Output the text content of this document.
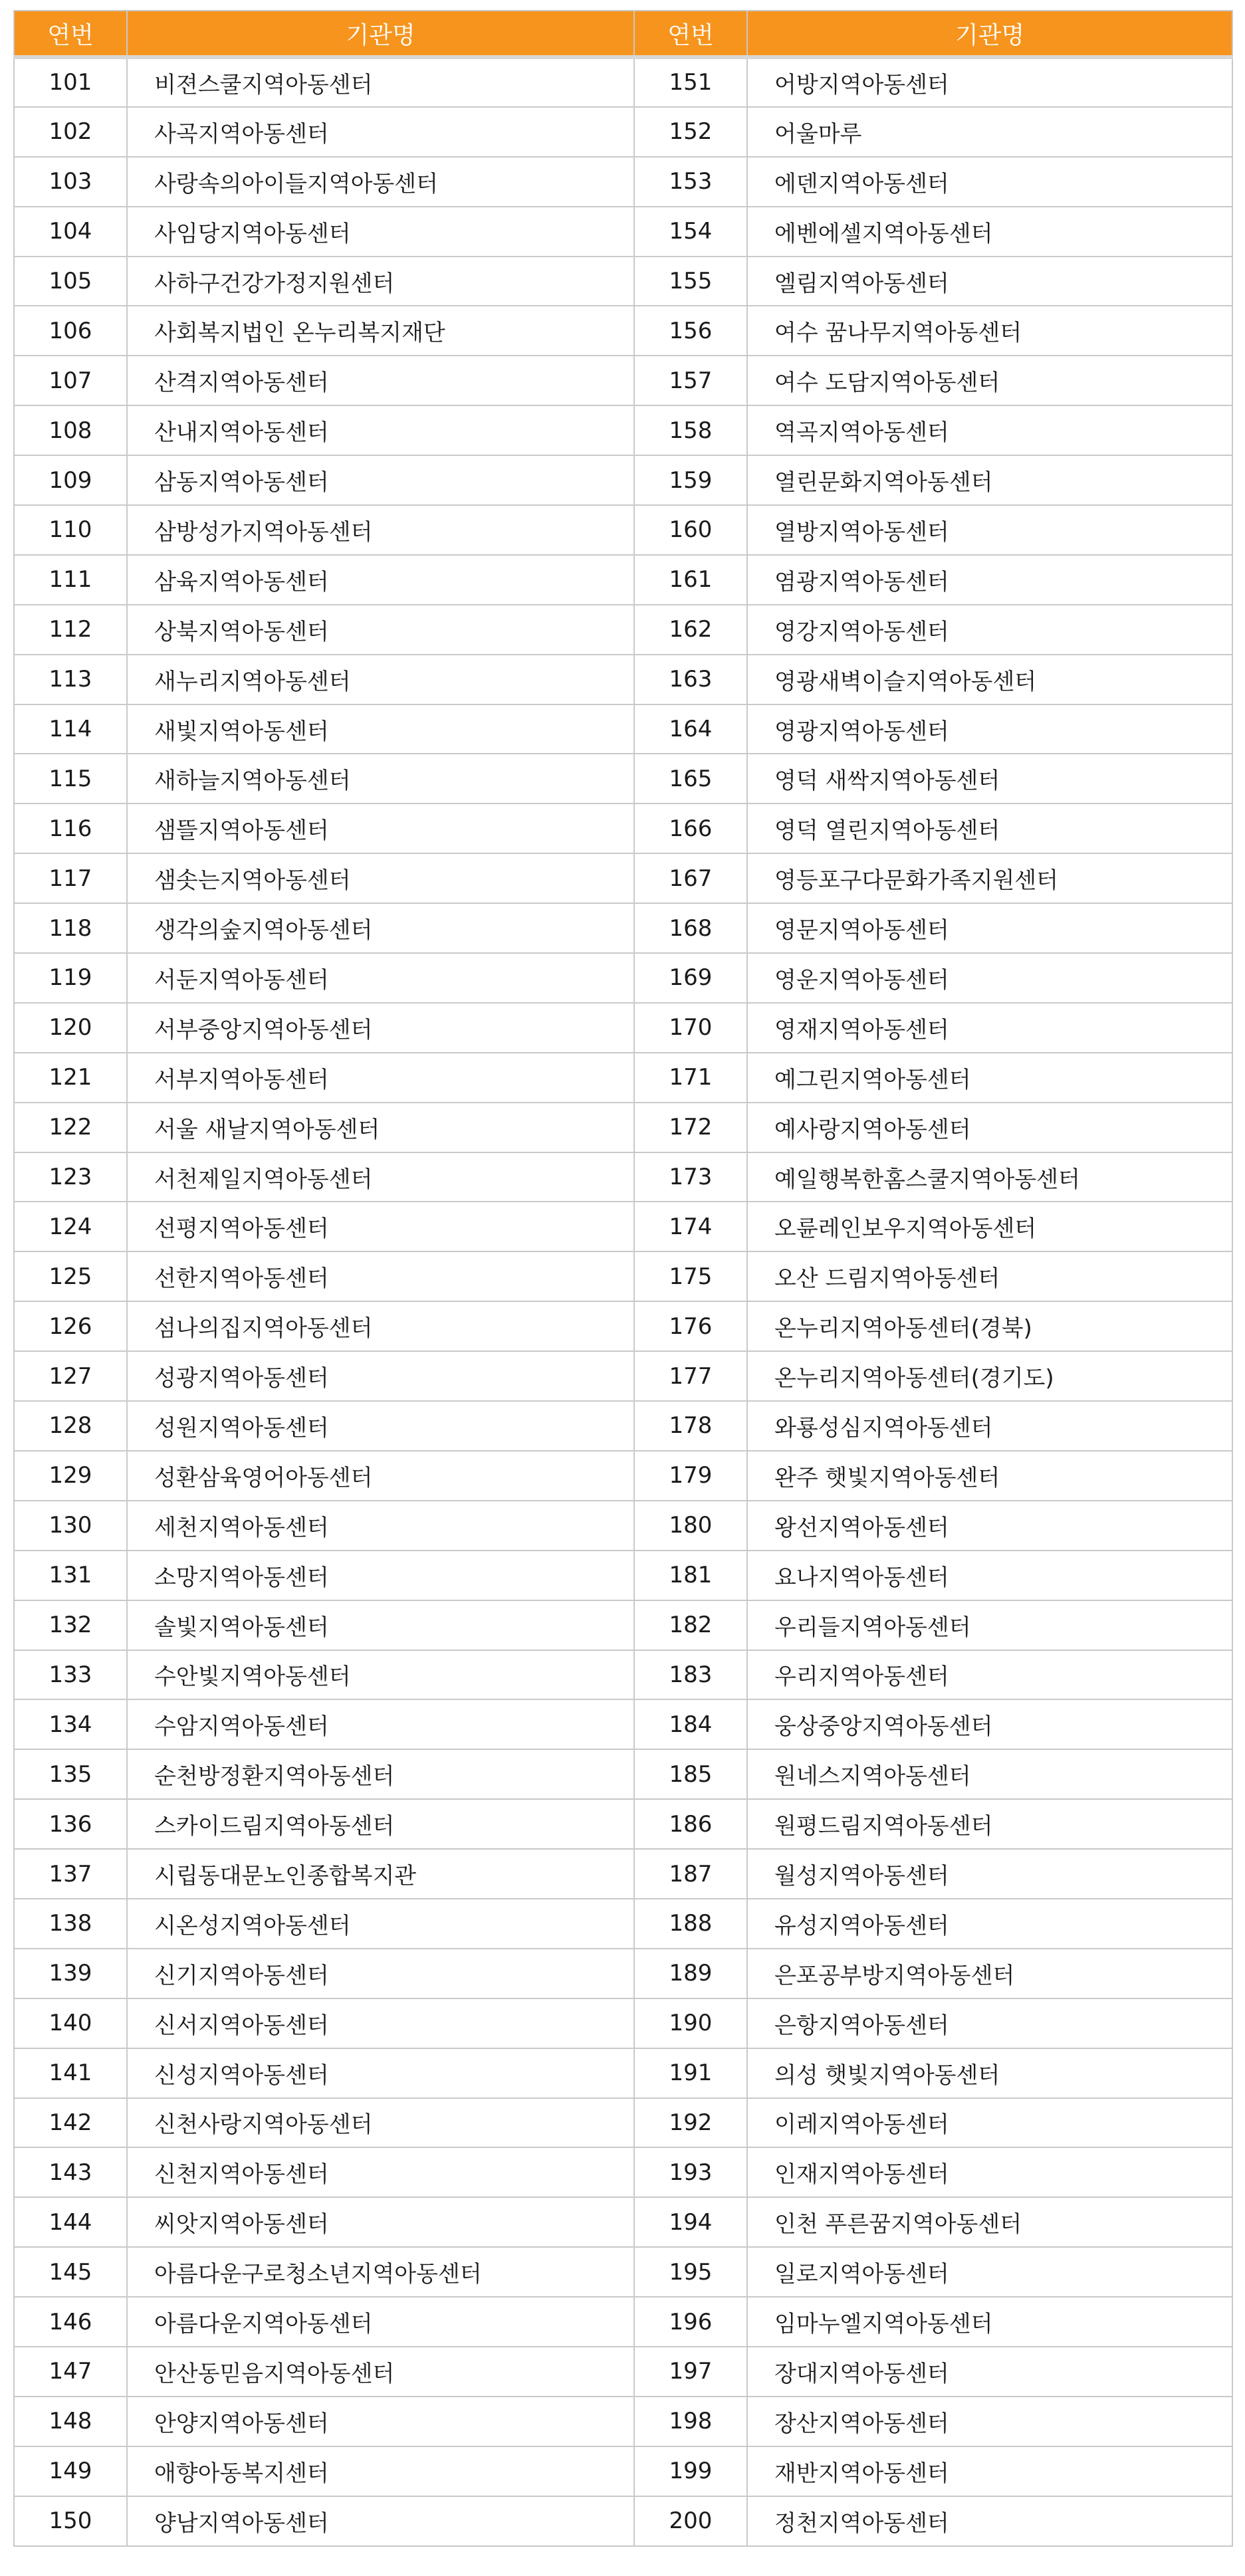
연번	기관명	연번	기관명
101	비젼스쿨지역아동센터	151	어방지역아동센터
102	사곡지역아동센터	152	어울마루
103	사랑속의아이들지역아동센터	153	에덴지역아동센터
104	사임당지역아동센터	154	에벤에셀지역아동센터
105	사하구건강가정지원센터	155	엘림지역아동센터
106	사회복지법인 온누리복지재단	156	여수 꿈나무지역아동센터
107	산격지역아동센터	157	여수 도담지역아동센터
108	산내지역아동센터	158	역곡지역아동센터
109	삼동지역아동센터	159	열린문화지역아동센터
110	삼방성가지역아동센터	160	열방지역아동센터
111	삼육지역아동센터	161	염광지역아동센터
112	상북지역아동센터	162	영강지역아동센터
113	새누리지역아동센터	163	영광새벽이슬지역아동센터
114	새빛지역아동센터	164	영광지역아동센터
115	새하늘지역아동센터	165	영덕 새싹지역아동센터
116	샘뜰지역아동센터	166	영덕 열린지역아동센터
117	샘솟는지역아동센터	167	영등포구다문화가족지원센터
118	생각의숲지역아동센터	168	영문지역아동센터
119	서둔지역아동센터	169	영운지역아동센터
120	서부중앙지역아동센터	170	영재지역아동센터
121	서부지역아동센터	171	예그린지역아동센터
122	서울 새날지역아동센터	172	예사랑지역아동센터
123	서천제일지역아동센터	173	예일행복한홈스쿨지역아동센터
124	선평지역아동센터	174	오륜레인보우지역아동센터
125	선한지역아동센터	175	오산 드림지역아동센터
126	섬나의집지역아동센터	176	온누리지역아동센터(경북)
127	성광지역아동센터	177	온누리지역아동센터(경기도)
128	성원지역아동센터	178	와룡성심지역아동센터
129	성환삼육영어아동센터	179	완주 햇빛지역아동센터
130	세천지역아동센터	180	왕선지역아동센터
131	소망지역아동센터	181	요나지역아동센터
132	솔빛지역아동센터	182	우리들지역아동센터
133	수안빛지역아동센터	183	우리지역아동센터
134	수암지역아동센터	184	웅상중앙지역아동센터
135	순천방정환지역아동센터	185	원네스지역아동센터
136	스카이드림지역아동센터	186	원평드림지역아동센터
137	시립동대문노인종합복지관	187	월성지역아동센터
138	시온성지역아동센터	188	유성지역아동센터
139	신기지역아동센터	189	은포공부방지역아동센터
140	신서지역아동센터	190	은항지역아동센터
141	신성지역아동센터	191	의성 햇빛지역아동센터
142	신천사랑지역아동센터	192	이레지역아동센터
143	신천지역아동센터	193	인재지역아동센터
144	씨앗지역아동센터	194	인천 푸른꿈지역아동센터
145	아름다운구로청소년지역아동센터	195	일로지역아동센터
146	아름다운지역아동센터	196	임마누엘지역아동센터
147	안산동믿음지역아동센터	197	장대지역아동센터
148	안양지역아동센터	198	장산지역아동센터
149	애향아동복지센터	199	재반지역아동센터
150	양남지역아동센터	200	정천지역아동센터
